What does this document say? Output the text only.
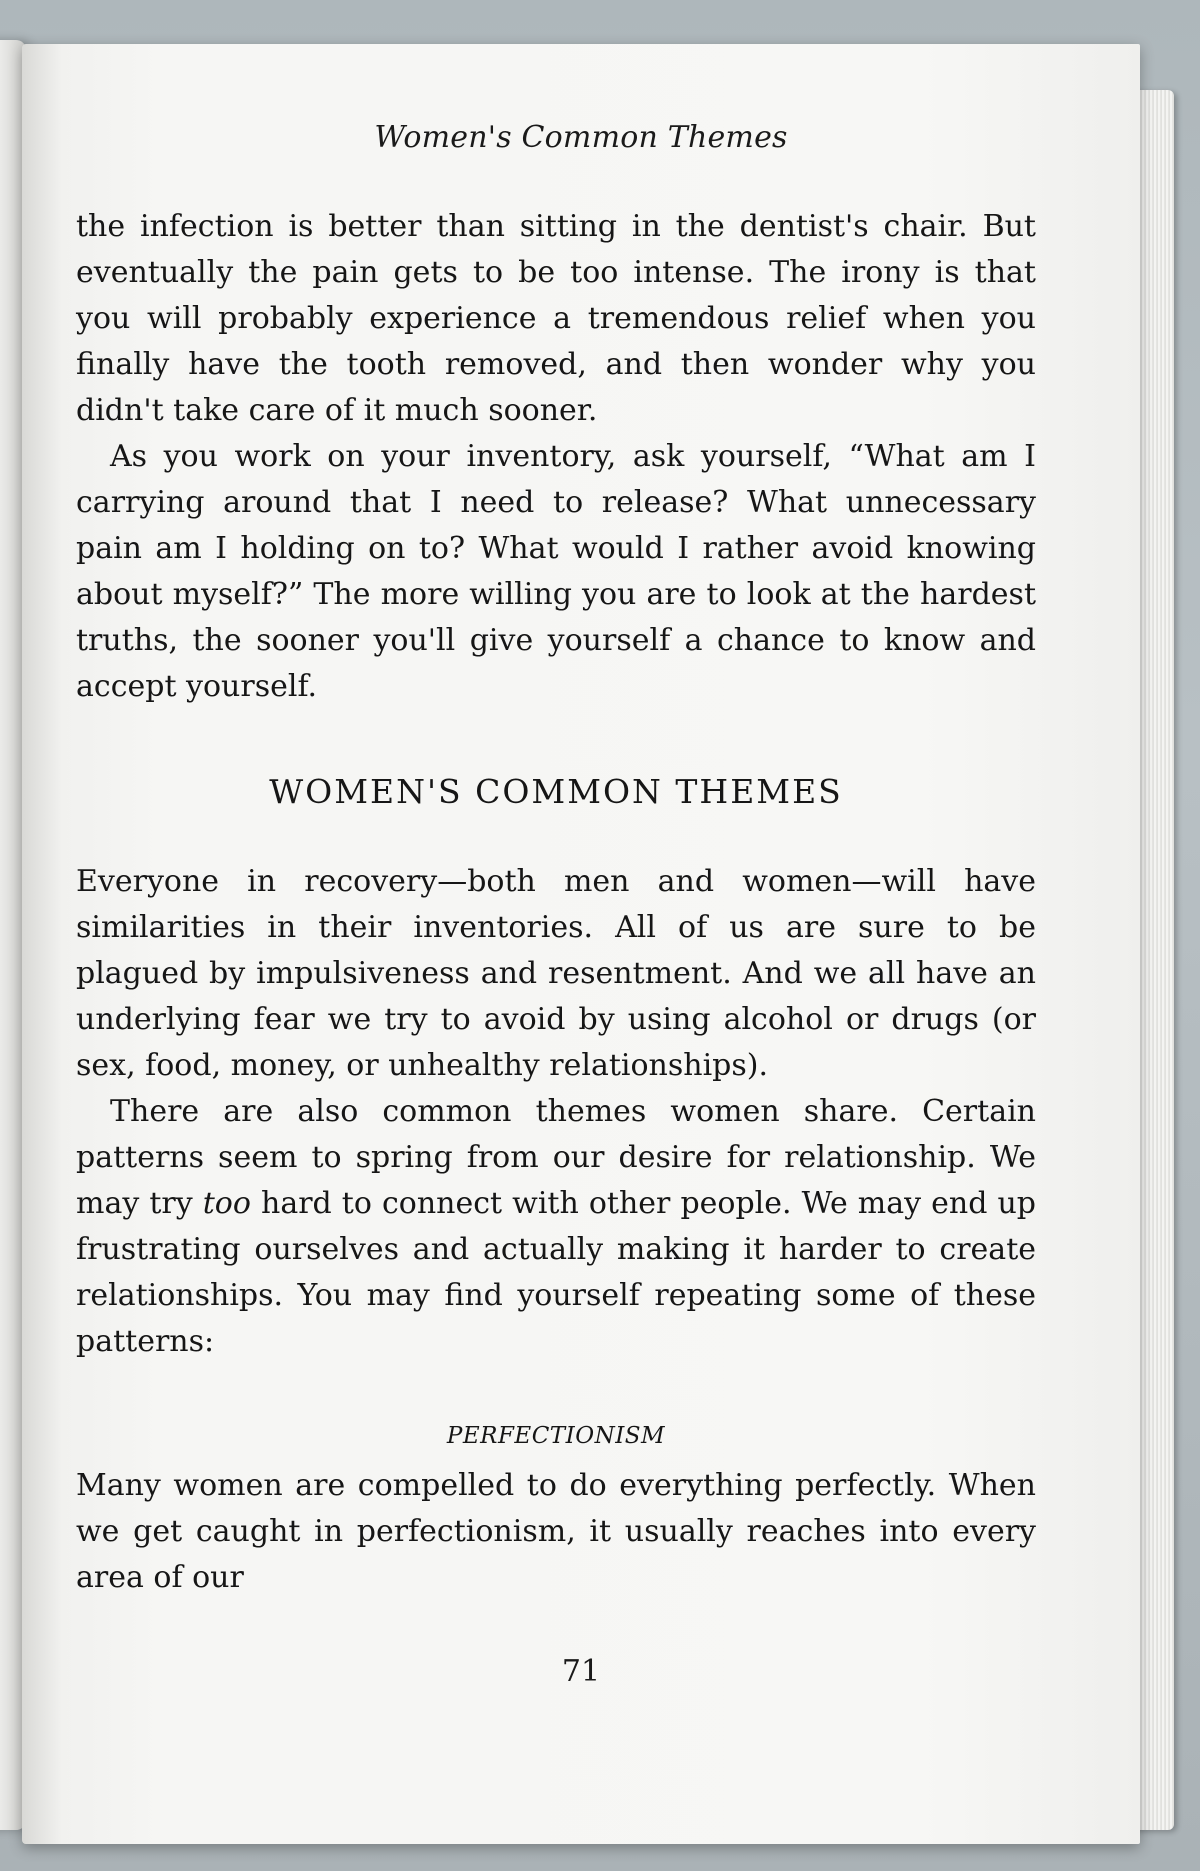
Women's Common Themes

the infection is better than sitting in the dentist's chair. But eventually the pain gets to be too intense. The irony is that you will probably experience a tremendous relief when you finally have the tooth removed, and then wonder why you didn't take care of it much sooner.

As you work on your inventory, ask yourself, “What am I carrying around that I need to release? What unnecessary pain am I holding on to? What would I rather avoid knowing about myself?” The more willing you are to look at the hardest truths, the sooner you'll give yourself a chance to know and accept yourself.

WOMEN'S COMMON THEMES

Everyone in recovery—both men and women—will have similarities in their inventories. All of us are sure to be plagued by impulsiveness and resentment. And we all have an underlying fear we try to avoid by using alcohol or drugs (or sex, food, money, or unhealthy relationships).

There are also common themes women share. Certain patterns seem to spring from our desire for relationship. We may try too hard to connect with other people. We may end up frustrating ourselves and actually making it harder to create relationships. You may find yourself repeating some of these patterns:

PERFECTIONISM

Many women are compelled to do everything perfectly. When we get caught in perfectionism, it usually reaches into every area of our

71
